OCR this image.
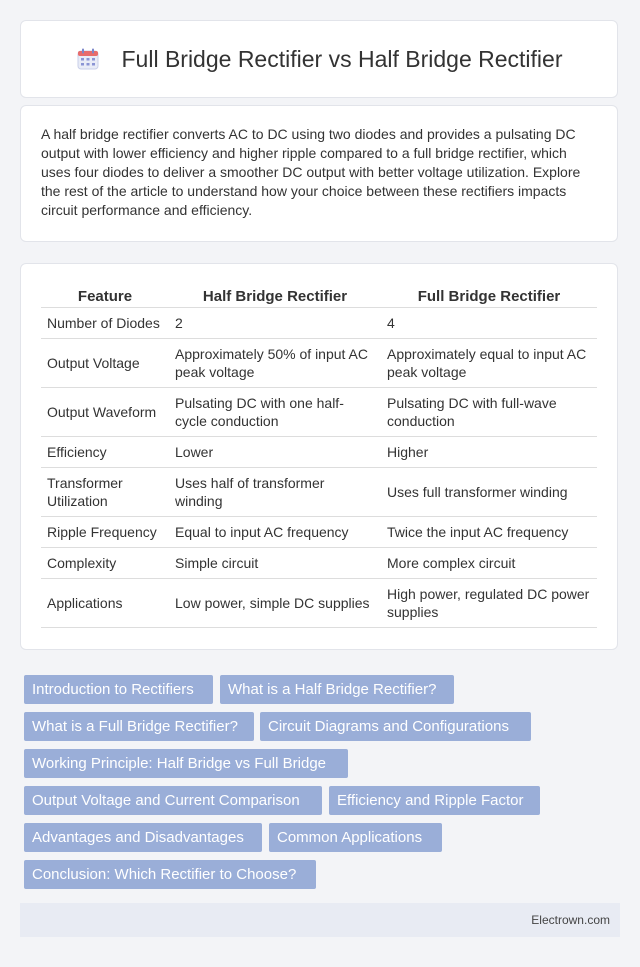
Full Bridge Rectifier vs Half Bridge Rectifier

A half bridge rectifier converts AC to DC using two diodes and provides a pulsating DC output with lower efficiency and higher ripple compared to a full bridge rectifier, which uses four diodes to deliver a smoother DC output with better voltage utilization. Explore the rest of the article to understand how your choice between these rectifiers impacts circuit performance and efficiency.

Feature	Half Bridge Rectifier	Full Bridge Rectifier
Number of Diodes	2	4
Output Voltage	Approximately 50% of input AC peak voltage	Approximately equal to input AC peak voltage
Output Waveform	Pulsating DC with one half-cycle conduction	Pulsating DC with full-wave conduction
Efficiency	Lower	Higher
Transformer Utilization	Uses half of transformer winding	Uses full transformer winding
Ripple Frequency	Equal to input AC frequency	Twice the input AC frequency
Complexity	Simple circuit	More complex circuit
Applications	Low power, simple DC supplies	High power, regulated DC power supplies
Introduction to Rectifiers	What is a Half Bridge Rectifier?
What is a Full Bridge Rectifier?	Circuit Diagrams and Configurations
Working Principle: Half Bridge vs Full Bridge
Output Voltage and Current Comparison	Efficiency and Ripple Factor
Advantages and Disadvantages	Common Applications
Conclusion: Which Rectifier to Choose?
Electrown.com
